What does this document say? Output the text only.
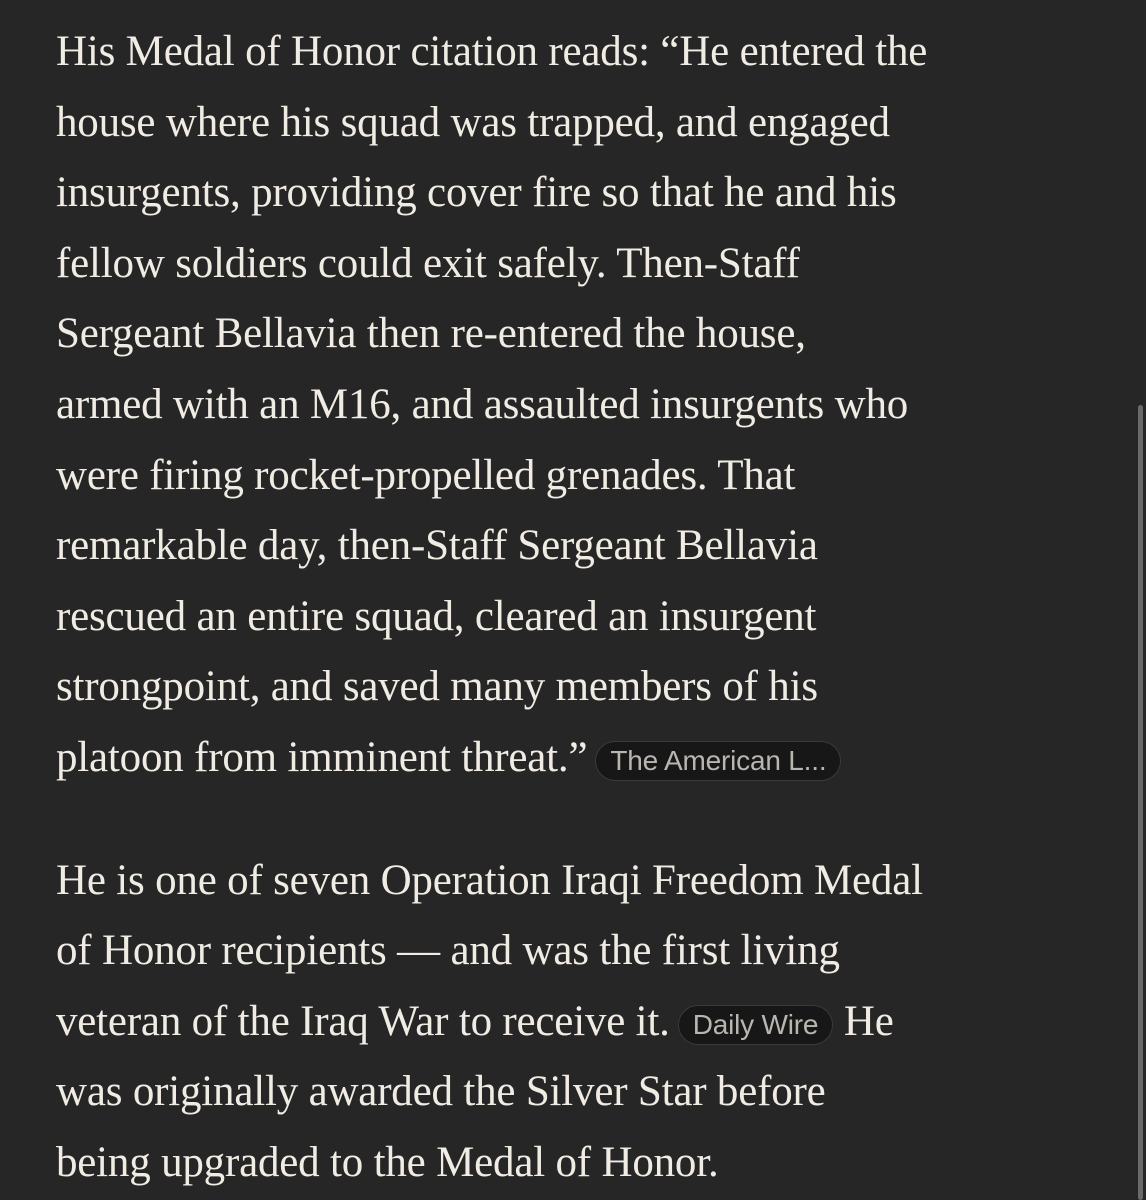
His Medal of Honor citation reads: “He entered the
house where his squad was trapped, and engaged
insurgents, providing cover fire so that he and his
fellow soldiers could exit safely. Then-Staff
Sergeant Bellavia then re-entered the house,
armed with an M16, and assaulted insurgents who
were firing rocket-propelled grenades. That
remarkable day, then-Staff Sergeant Bellavia
rescued an entire squad, cleared an insurgent
strongpoint, and saved many members of his
platoon from imminent threat.” The American L...

He is one of seven Operation Iraqi Freedom Medal
of Honor recipients — and was the first living
veteran of the Iraq War to receive it. Daily Wire He
was originally awarded the Silver Star before
being upgraded to the Medal of Honor.
